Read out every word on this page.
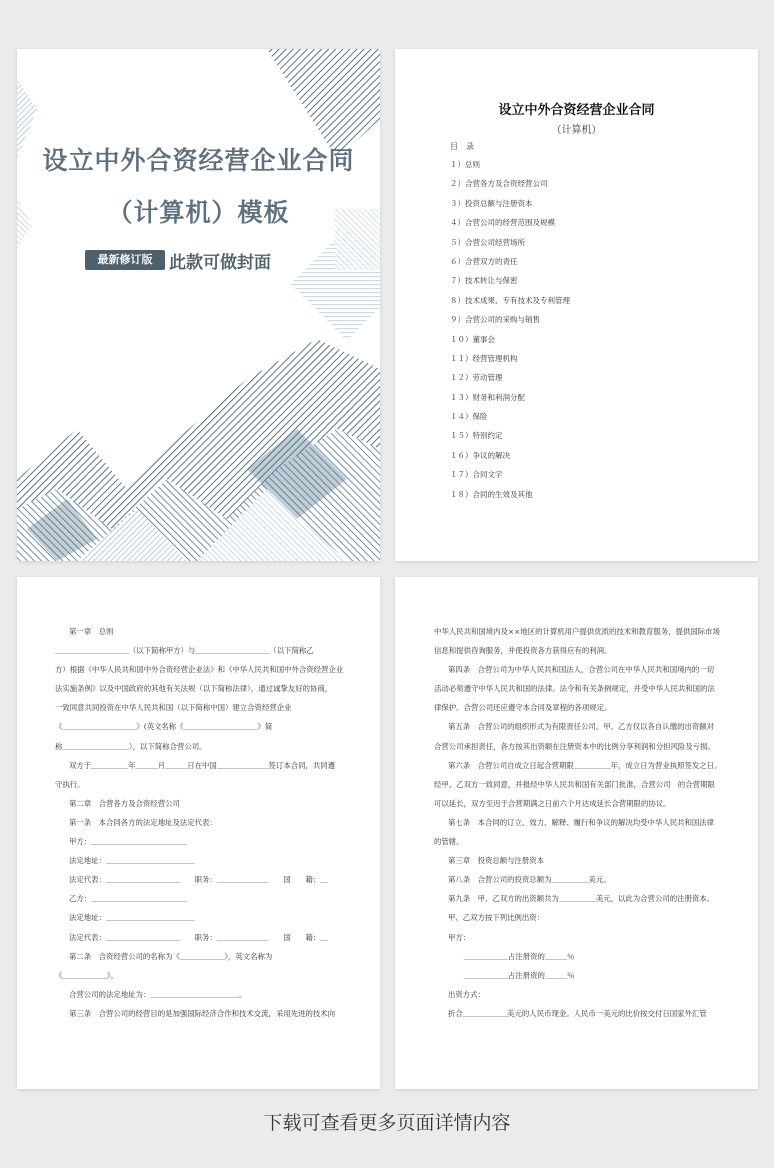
设立中外合资经营企业合同
（计算机）模板
最新修订版 此款可做封面
设立中外合资经营企业合同
（计算机）
目　录
１）总则
２）合营各方及合资经营公司
３）投资总额与注册资本
４）合营公司的经营范围及规模
５）合营公司经营场所
６）合营双方的责任
７）技术转让与保密
８）技术成果、专有技术及专利管理
９）合营公司的采购与销售
１０）董事会
１１）经营管理机构
１２）劳动管理
１３）财务和利润分配
１４）保险
１５）特别约定
１６）争议的解决
１７）合同文字
１８）合同的生效及其他
第一章　总则
＿＿＿＿＿＿＿＿＿＿（以下简称甲方）与＿＿＿＿＿＿＿＿＿＿（以下简称乙
方）根据《中华人民共和国中外合资经营企业法》和《中华人民共和国中外合资经营企业
法实施条例》以及中国政府的其他有关法规（以下简称法律），通过诚挚友好的协商，
一致同意共同投资在中华人民共和国（以下简称中国）建立合资经营企业
《＿＿＿＿＿＿＿＿＿＿》(英文名称《＿＿＿＿＿＿＿＿＿＿》简
称＿＿＿＿＿＿＿＿＿），以下简称合营公司。
双方于＿＿＿＿＿年＿＿＿月＿＿＿日在中国＿＿＿＿＿＿＿签订本合同，共同遵
守执行。
第二章　合营各方及合资经营公司
第一条　本合同各方的法定地址及法定代表：
甲方：＿＿＿＿＿＿＿＿＿＿＿＿＿
法定地址：＿＿＿＿＿＿＿＿＿＿＿＿
法定代表：＿＿＿＿＿＿＿＿＿＿　　职务：＿＿＿＿＿＿＿　　国　　籍：＿
乙方：＿＿＿＿＿＿＿＿＿＿＿＿＿
法定地址：＿＿＿＿＿＿＿＿＿＿＿＿
法定代表：＿＿＿＿＿＿＿＿＿＿　　职务：＿＿＿＿＿＿＿　　国　　籍：＿
第二条　合资经营公司的名称为《＿＿＿＿＿＿》，英文名称为
《＿＿＿＿＿＿》。
合营公司的法定地址为：＿＿＿＿＿＿＿＿＿＿＿＿。
第三条　合营公司的经营目的是加强国际经济合作和技术交流，采用先进的技术向
中华人民共和国境内及××地区的计算机用户提供优质的技术和教育服务，提供国际市场
信息和提供咨询服务，并使投资各方获得应有的利润。
第四条　合营公司为中华人民共和国法人，合营公司在中华人民共和国境内的一切
活动必须遵守中华人民共和国的法律、法令和有关条例规定，并受中华人民共和国的法
律保护。合营公司还应遵守本合同及章程的各项规定。
第五条　合营公司的组织形式为有限责任公司。甲、乙方仅以各自认缴的出资额对
合营公司承担责任，各方按其出资额在注册资本中的比例分享利润和分担风险及亏损。
第六条　合营公司自成立日起合营期限＿＿＿＿＿年，成立日为营业执照签发之日。
经甲、乙双方一致同意，并报经中华人民共和国有关部门批准，合营公司　的合营期限
可以延长，双方至迟于合营期满之日前六个月达成延长合营期限的协议。
第七条　本合同的订立、效力、解释、履行和争议的解决均受中华人民共和国法律
的管辖。
第三章　投资总额与注册资本
第八条　合营公司的投资总额为＿＿＿＿＿美元。
第九条　甲、乙双方的出资额共为＿＿＿＿＿美元，以此为合营公司的注册资本。
甲、乙双方按下列比例出资：
甲方：
　　　　＿＿＿＿＿＿占注册资的＿＿＿％
　　　　＿＿＿＿＿＿占注册资的＿＿＿％
出资方式：
折合＿＿＿＿＿＿美元的人民币现金。人民币一美元的比价按交付日国家外汇管
下载可查看更多页面详情内容
